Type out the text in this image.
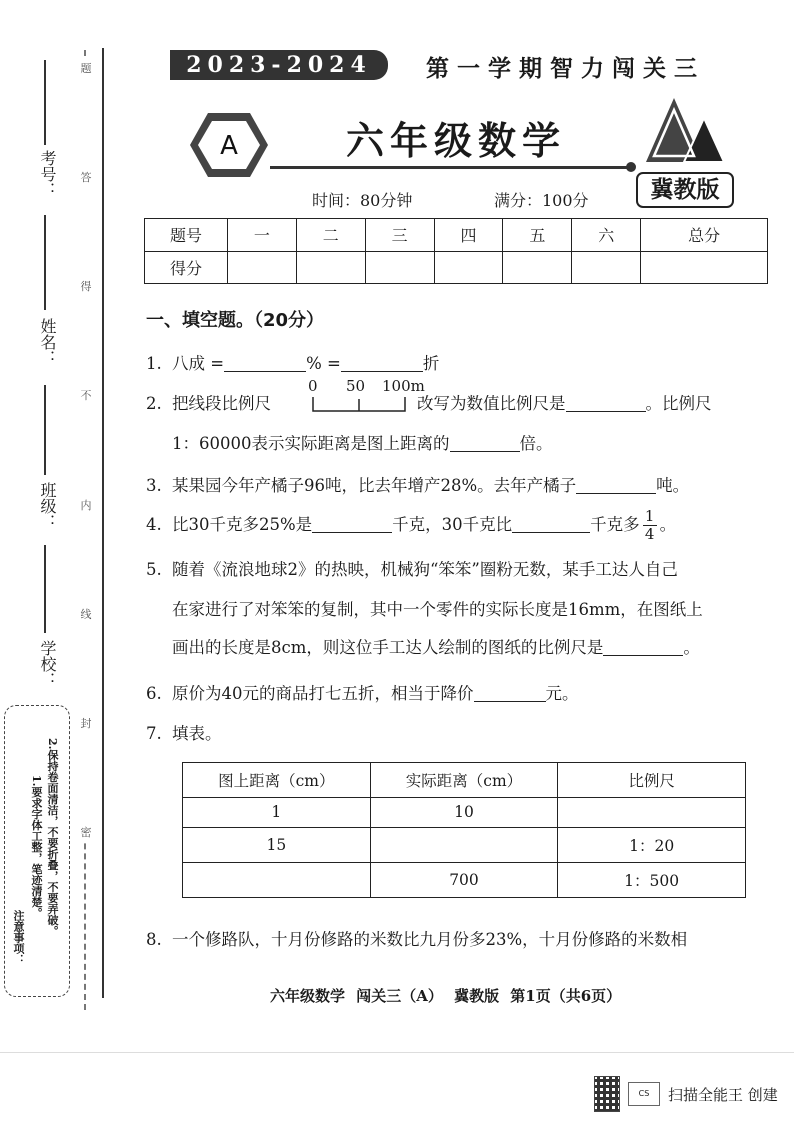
题
答
得
不
内
线
封
密
考号：
姓名：
班级：
学校：
注意事项：
1.要求字体工整，笔迹清楚。 2.保持卷面清洁，不要折叠，不要弄破。
2023-2024	第一学期智力闯关三
A	六年级数学
冀教版
时间：80分钟	满分：100分
题号	一	二	三	四	五	六	总分
得分							
一、填空题。（20分）
1. 八成 =	% =	折
2. 把线段比例尺	改写为数值比例尺是	。比例尺
0 50 100m
1：60000表示实际距离是图上距离的	倍。
3. 某果园今年产橘子96吨，比去年增产28%。去年产橘子	吨。
4. 比30千克多25%是	千克，30千克比	千克多 $\frac{1}{4}$ 。
5. 随着《流浪地球2》的热映，机械狗“笨笨”圈粉无数，某手工达人自己
在家进行了对笨笨的复制，其中一个零件的实际长度是16mm，在图纸上
画出的长度是8cm，则这位手工达人绘制的图纸的比例尺是	。
6. 原价为40元的商品打七五折，相当于降价	元。
7. 填表。
图上距离（cm）	实际距离（cm）	比例尺
1	10	
15		1：20
	700	1：500
8. 一个修路队，十月份修路的米数比九月份多23%，十月份修路的米数相
六年级数学 闯关三（A） 冀教版 第1页（共6页）
CS	扫描全能王 创建
